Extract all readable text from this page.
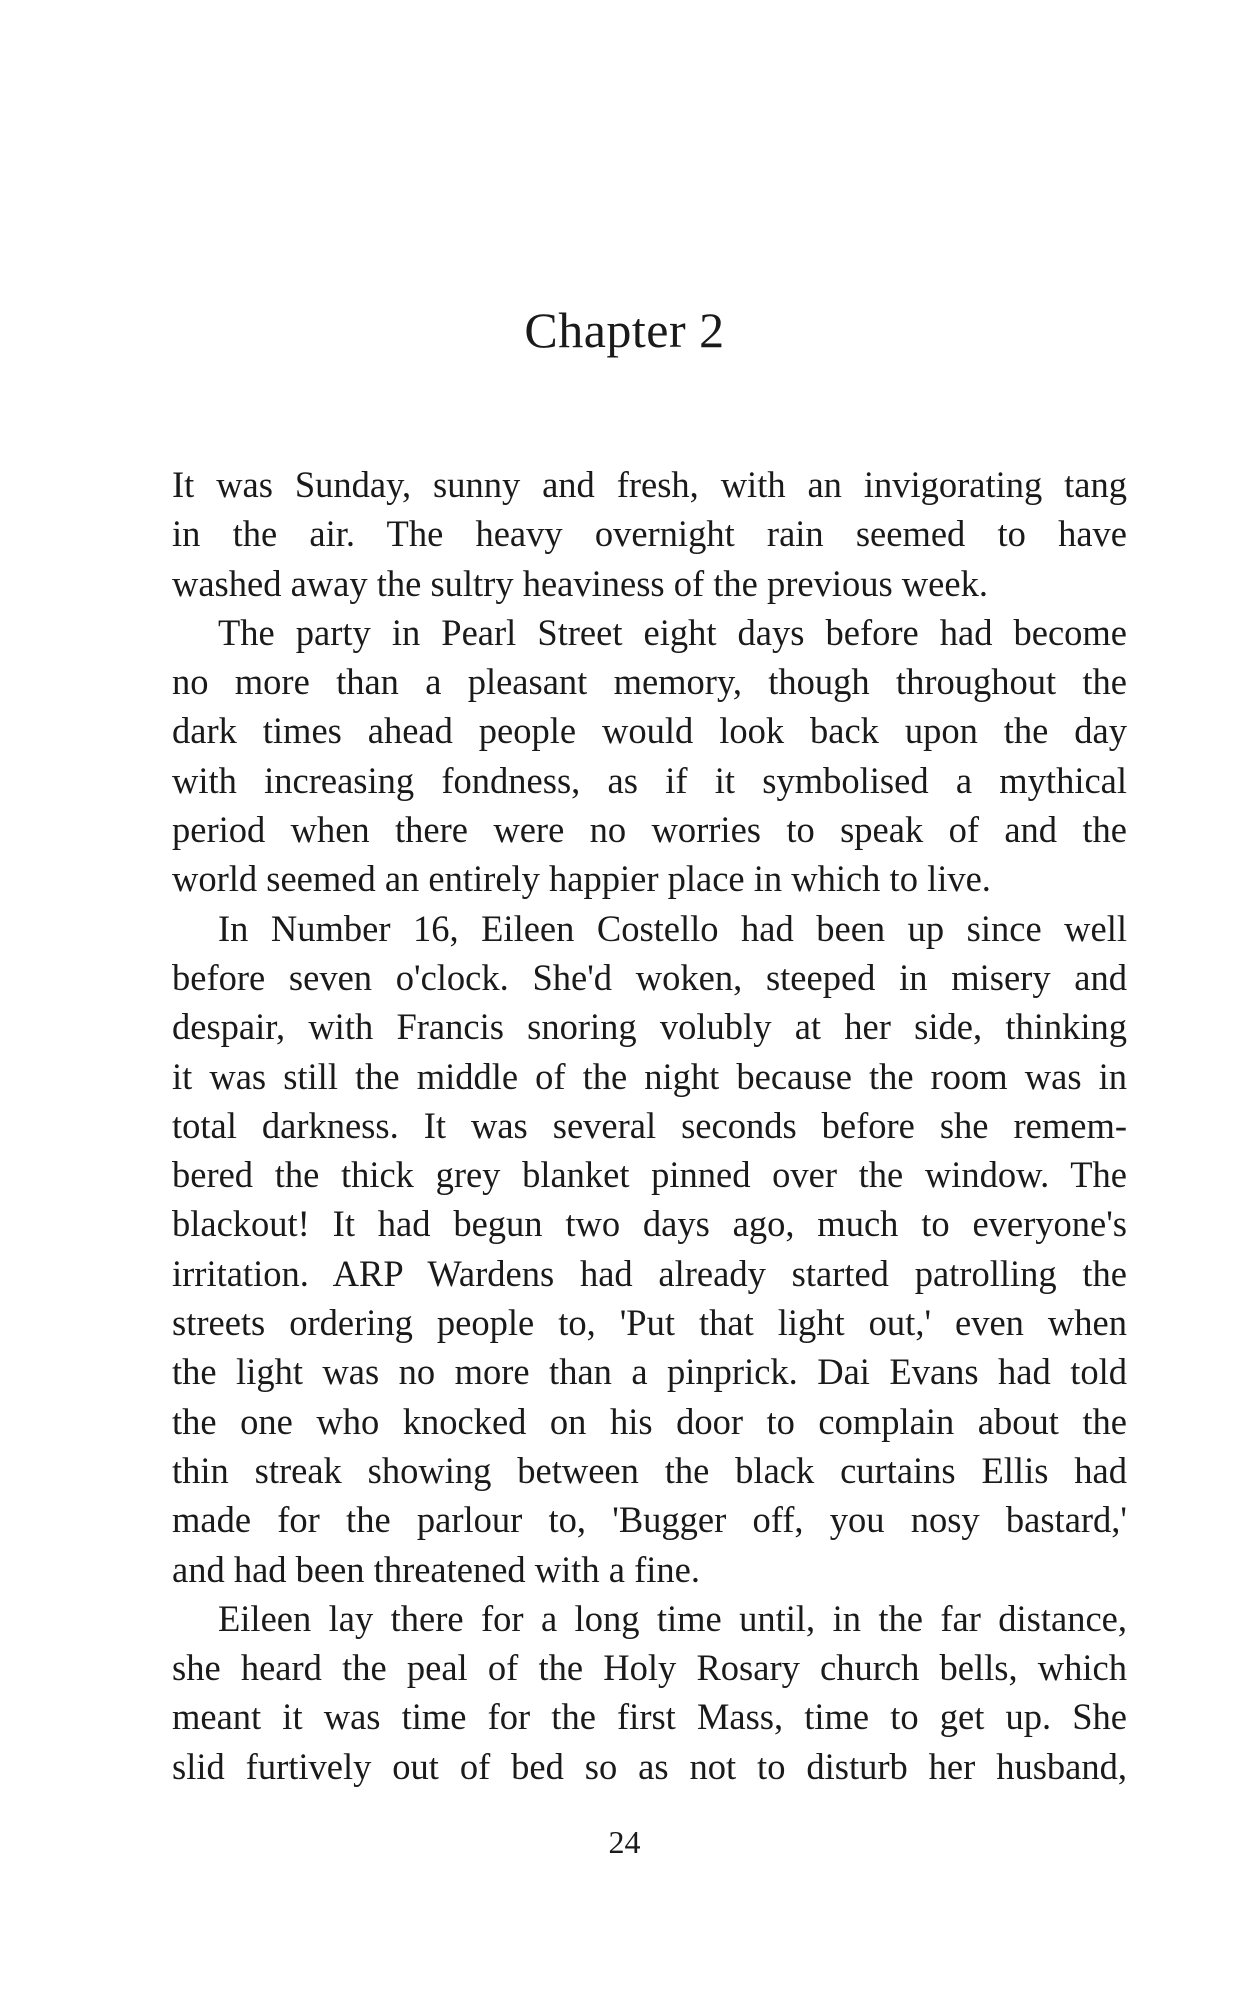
Chapter 2
It was Sunday, sunny and fresh, with an invigorating tang
in the air. The heavy overnight rain seemed to have
washed away the sultry heaviness of the previous week.
The party in Pearl Street eight days before had become
no more than a pleasant memory, though throughout the
dark times ahead people would look back upon the day
with increasing fondness, as if it symbolised a mythical
period when there were no worries to speak of and the
world seemed an entirely happier place in which to live.
In Number 16, Eileen Costello had been up since well
before seven o'clock. She'd woken, steeped in misery and
despair, with Francis snoring volubly at her side, thinking
it was still the middle of the night because the room was in
total darkness. It was several seconds before she remem-
bered the thick grey blanket pinned over the window. The
blackout! It had begun two days ago, much to everyone's
irritation. ARP Wardens had already started patrolling the
streets ordering people to, 'Put that light out,' even when
the light was no more than a pinprick. Dai Evans had told
the one who knocked on his door to complain about the
thin streak showing between the black curtains Ellis had
made for the parlour to, 'Bugger off, you nosy bastard,'
and had been threatened with a fine.
Eileen lay there for a long time until, in the far distance,
she heard the peal of the Holy Rosary church bells, which
meant it was time for the first Mass, time to get up. She
slid furtively out of bed so as not to disturb her husband,
24
